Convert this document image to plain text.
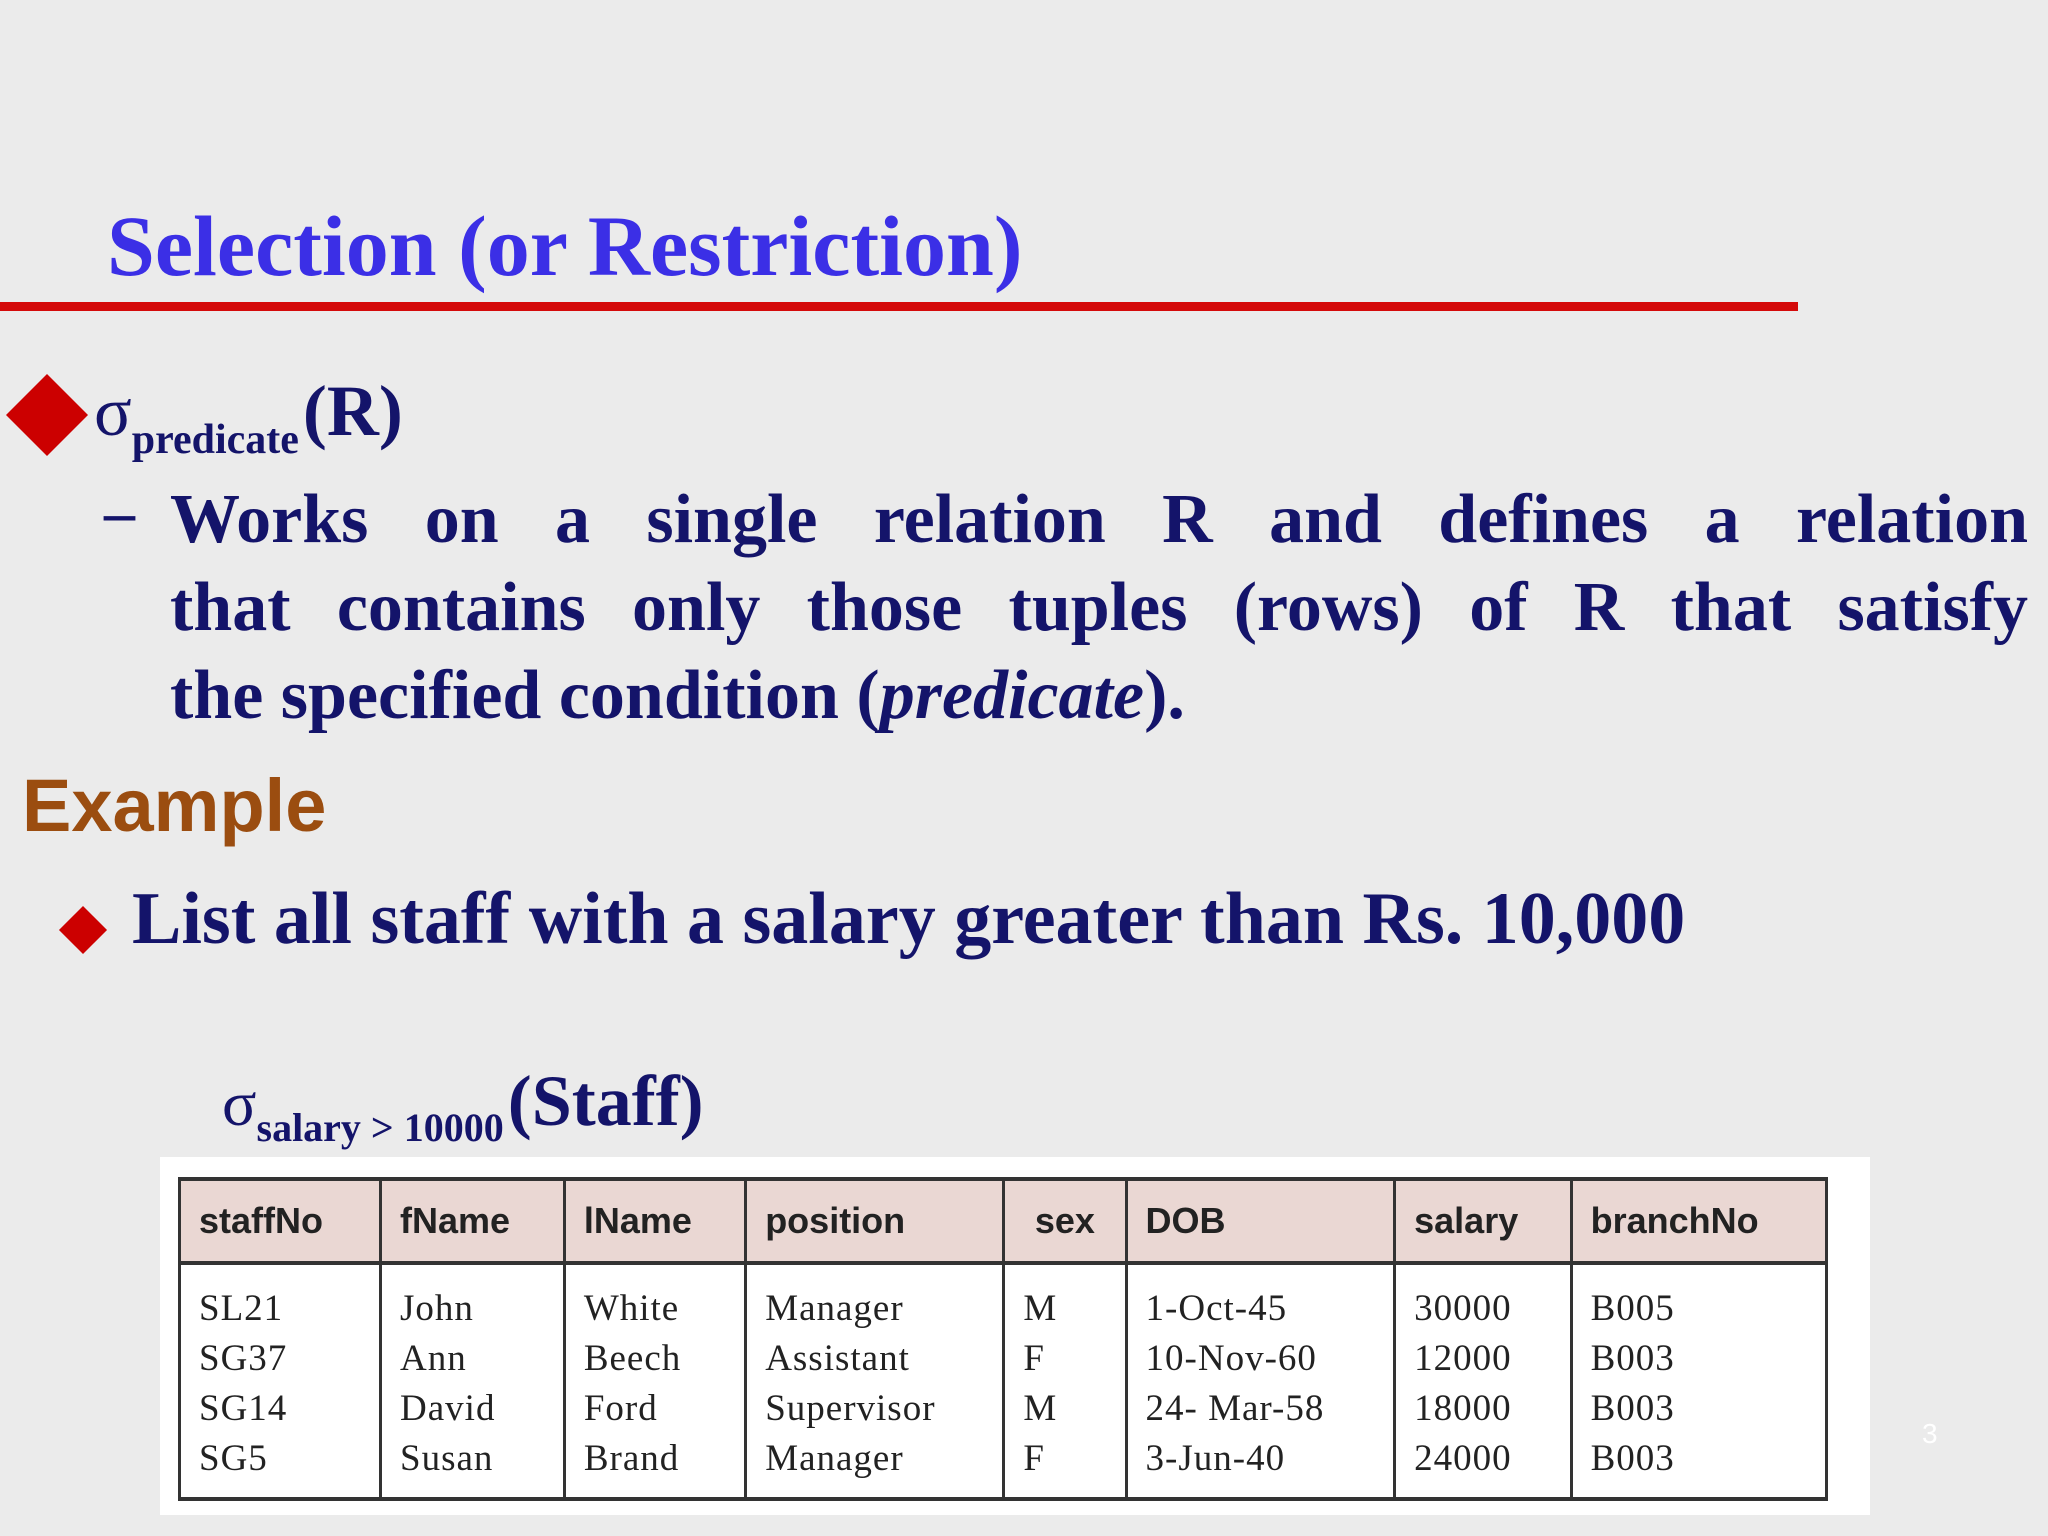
Selection (or Restriction)
σpredicate (R)
– Works on a single relation R and defines a relation
that contains only those tuples (rows) of R that satisfy
the specified condition (predicate).
Example
List all staff with a salary greater than Rs. 10,000
σsalary > 10000 (Staff)
staffNo	fName	lName	position	sex	DOB	salary	branchNo
SL21	John	White	Manager	M	1-Oct-45	30000	B005
SG37	Ann	Beech	Assistant	F	10-Nov-60	12000	B003
SG14	David	Ford	Supervisor	M	24- Mar-58	18000	B003
SG5	Susan	Brand	Manager	F	3-Jun-40	24000	B003
3
